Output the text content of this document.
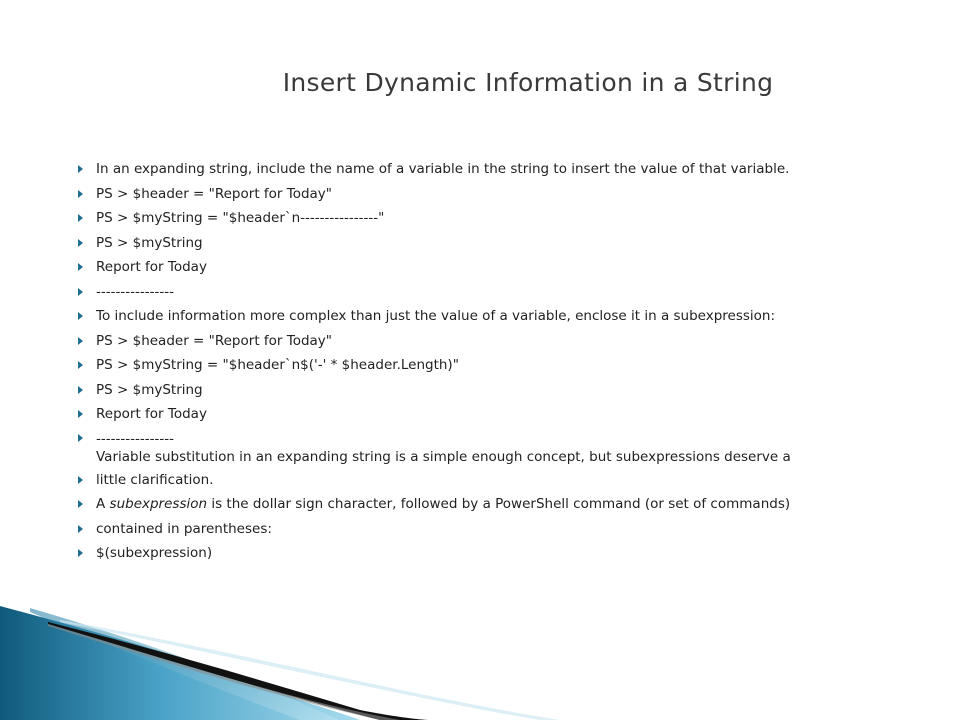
Insert Dynamic Information in a String
In an expanding string, include the name of a variable in the string to insert the value of that variable.
PS > $header = "Report for Today"
PS > $myString = "$header`n----------------"
PS > $myString
Report for Today
----------------
To include information more complex than just the value of a variable, enclose it in a subexpression:
PS > $header = "Report for Today"
PS > $myString = "$header`n$('-' * $header.Length)"
PS > $myString
Report for Today
----------------
Variable substitution in an expanding string is a simple enough concept, but subexpressions deserve a
little clarification.
A subexpression is the dollar sign character, followed by a PowerShell command (or set of commands)
contained in parentheses:
$(subexpression)
